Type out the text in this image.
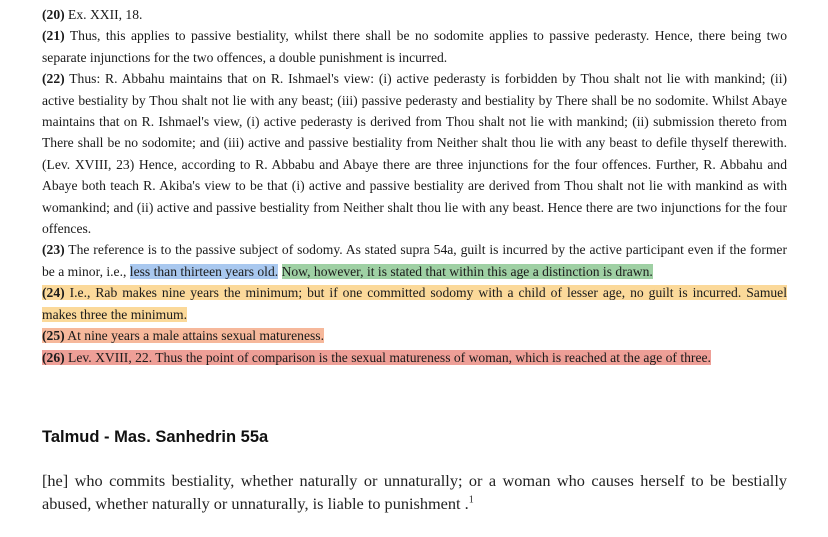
(20) Ex. XXII, 18.

(21) Thus, this applies to passive bestiality, whilst there shall be no sodomite applies to passive pederasty. Hence, there being two separate injunctions for the two offences, a double punishment is incurred.

(22) Thus: R. Abbahu maintains that on R. Ishmael's view: (i) active pederasty is forbidden by Thou shalt not lie with mankind; (ii) active bestiality by Thou shalt not lie with any beast; (iii) passive pederasty and bestiality by There shall be no sodomite. Whilst Abaye maintains that on R. Ishmael's view, (i) active pederasty is derived from Thou shalt not lie with mankind; (ii) submission thereto from There shall be no sodomite; and (iii) active and passive bestiality from Neither shalt thou lie with any beast to defile thyself therewith. (Lev. XVIII, 23) Hence, according to R. Abbabu and Abaye there are three injunctions for the four offences. Further, R. Abbahu and Abaye both teach R. Akiba's view to be that (i) active and passive bestiality are derived from Thou shalt not lie with mankind as with womankind; and (ii) active and passive bestiality from Neither shalt thou lie with any beast. Hence there are two injunctions for the four offences.

(23) The reference is to the passive subject of sodomy. As stated supra 54a, guilt is incurred by the active participant even if the former be a minor, i.e., less than thirteen years old. Now, however, it is stated that within this age a distinction is drawn.

(24) I.e., Rab makes nine years the minimum; but if one committed sodomy with a child of lesser age, no guilt is incurred. Samuel makes three the minimum.

(25) At nine years a male attains sexual matureness.

(26) Lev. XVIII, 22. Thus the point of comparison is the sexual matureness of woman, which is reached at the age of three.

Talmud - Mas. Sanhedrin 55a

[he] who commits bestiality, whether naturally or unnaturally; or a woman who causes herself to be bestially abused, whether naturally or unnaturally, is liable to punishment .$^1$
